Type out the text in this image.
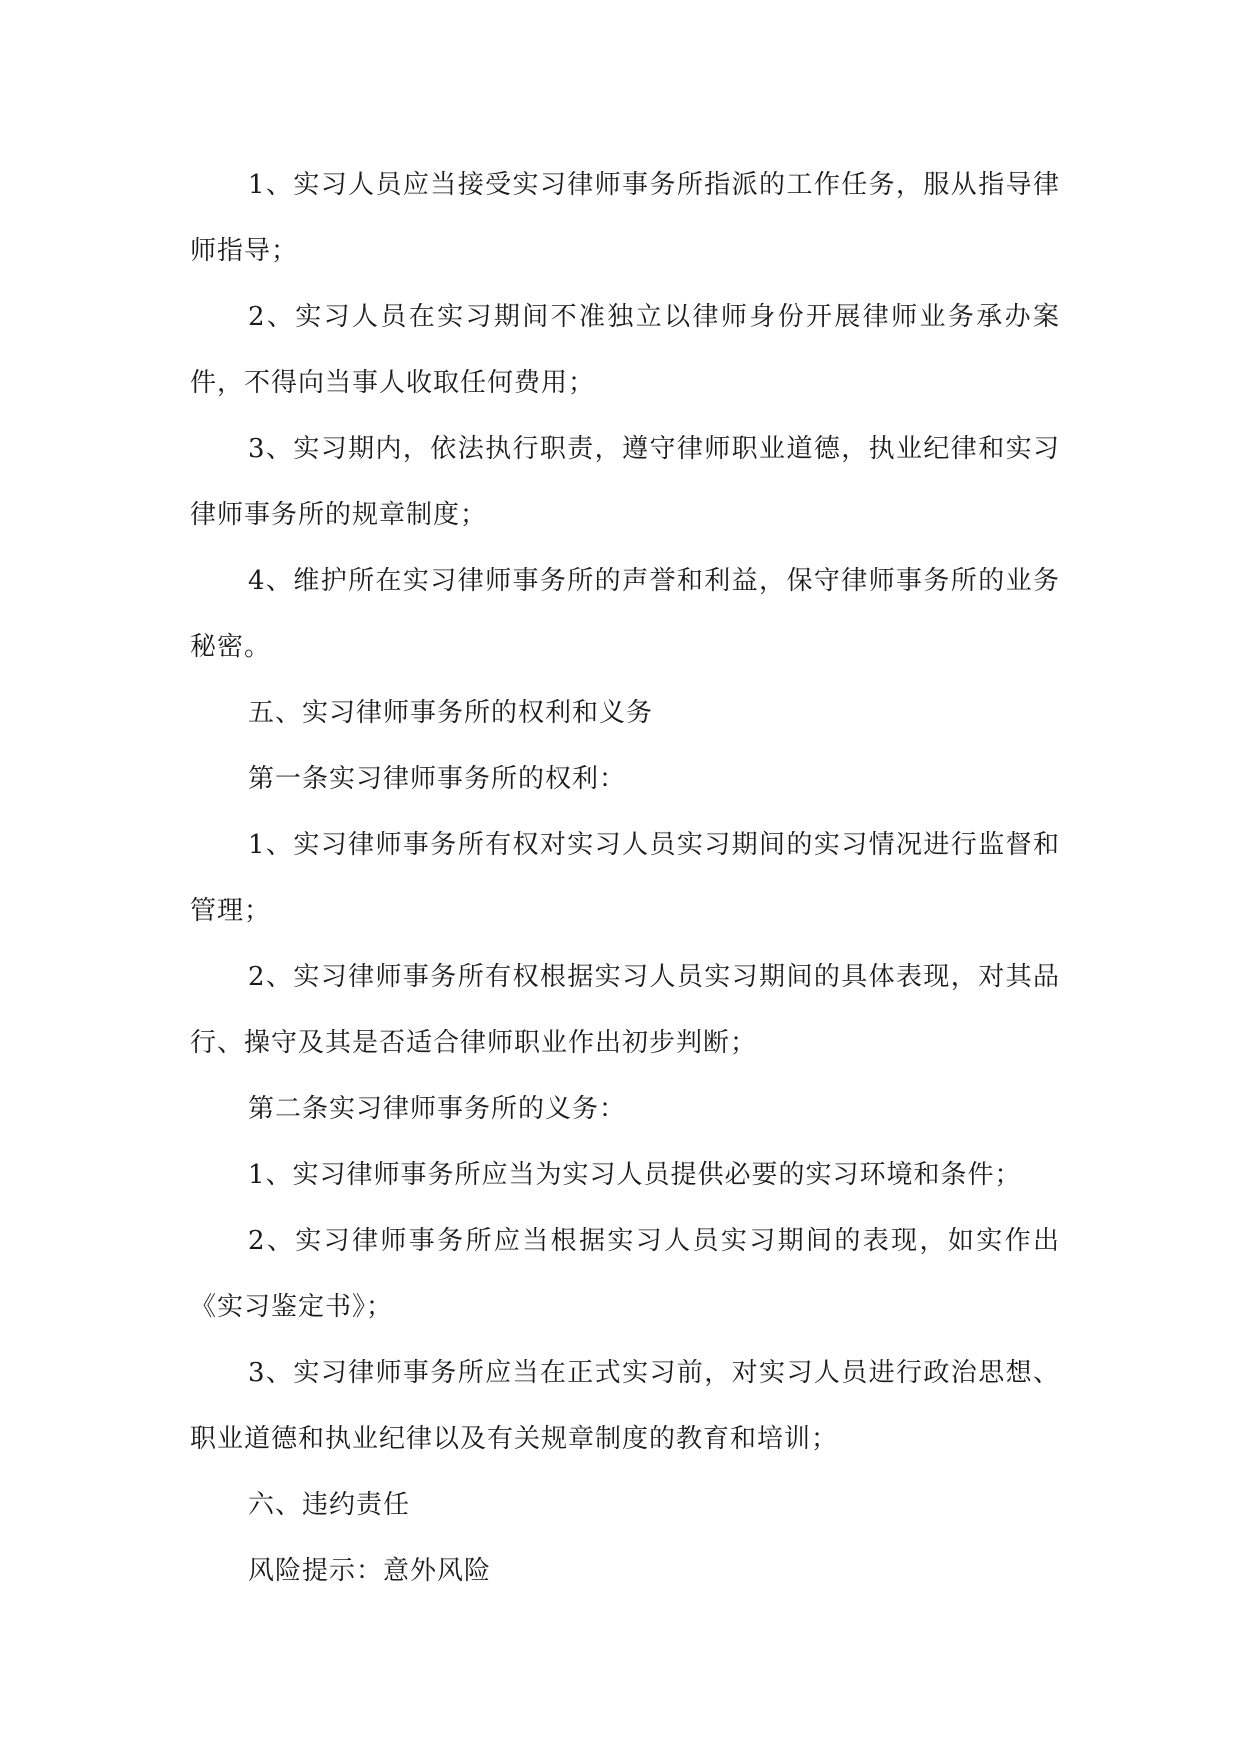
1、实习人员应当接受实习律师事务所指派的工作任务，服从指导律师指导；

2、实习人员在实习期间不准独立以律师身份开展律师业务承办案件，不得向当事人收取任何费用；

3、实习期内，依法执行职责，遵守律师职业道德，执业纪律和实习律师事务所的规章制度；

4、维护所在实习律师事务所的声誉和利益，保守律师事务所的业务秘密。

五、实习律师事务所的权利和义务

第一条实习律师事务所的权利：

1、实习律师事务所有权对实习人员实习期间的实习情况进行监督和管理；

2、实习律师事务所有权根据实习人员实习期间的具体表现，对其品行、操守及其是否适合律师职业作出初步判断；

第二条实习律师事务所的义务：

1、实习律师事务所应当为实习人员提供必要的实习环境和条件；

2、实习律师事务所应当根据实习人员实习期间的表现，如实作出《实习鉴定书》；

3、实习律师事务所应当在正式实习前，对实习人员进行政治思想、职业道德和执业纪律以及有关规章制度的教育和培训；

六、违约责任

风险提示：意外风险
